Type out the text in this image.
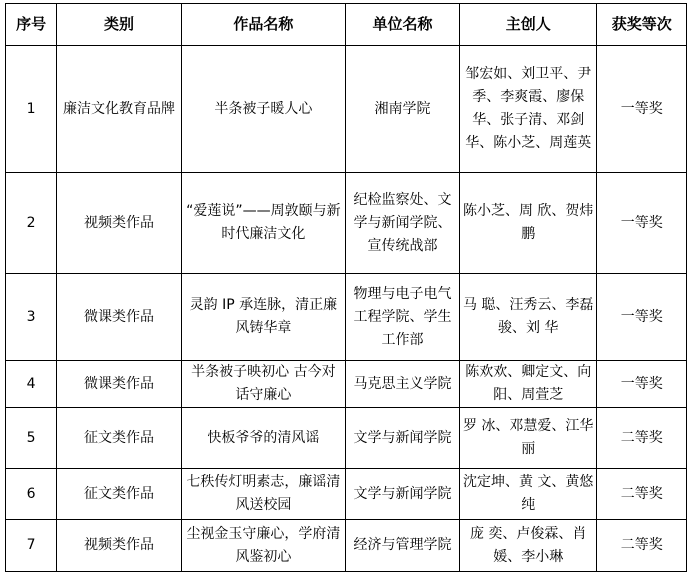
序号	类别	作品名称	单位名称	主创人	获奖等次
1	廉洁文化教育品牌	半条被子暖人心	湘南学院	邹宏如、刘卫平、尹 季、李爽霞、廖保华、张子清、邓剑华、陈小芝、周莲英	一等奖
2	视频类作品	“爱莲说”——周敦颐与新时代廉洁文化	纪检监察处、文学与新闻学院、宣传统战部	陈小芝、周 欣、贺炜鹏	一等奖
3	微课类作品	灵韵 IP 承连脉，清正廉风铸华章	物理与电子电气工程学院、学生工作部	马 聪、汪秀云、李磊骏、刘 华	一等奖
4	微课类作品	半条被子映初心 古今对话守廉心	马克思主义学院	陈欢欢、卿定文、向 阳、周萱芝	一等奖
5	征文类作品	快板爷爷的清风谣	文学与新闻学院	罗 冰、邓慧爱、江华丽	二等奖
6	征文类作品	七秩传灯明素志，廉谣清风送校园	文学与新闻学院	沈定坤、黄 文、黄悠纯	二等奖
7	视频类作品	尘视金玉守廉心，学府清风鉴初心	经济与管理学院	庞 奕、卢俊霖、肖 媛、李小琳	二等奖
